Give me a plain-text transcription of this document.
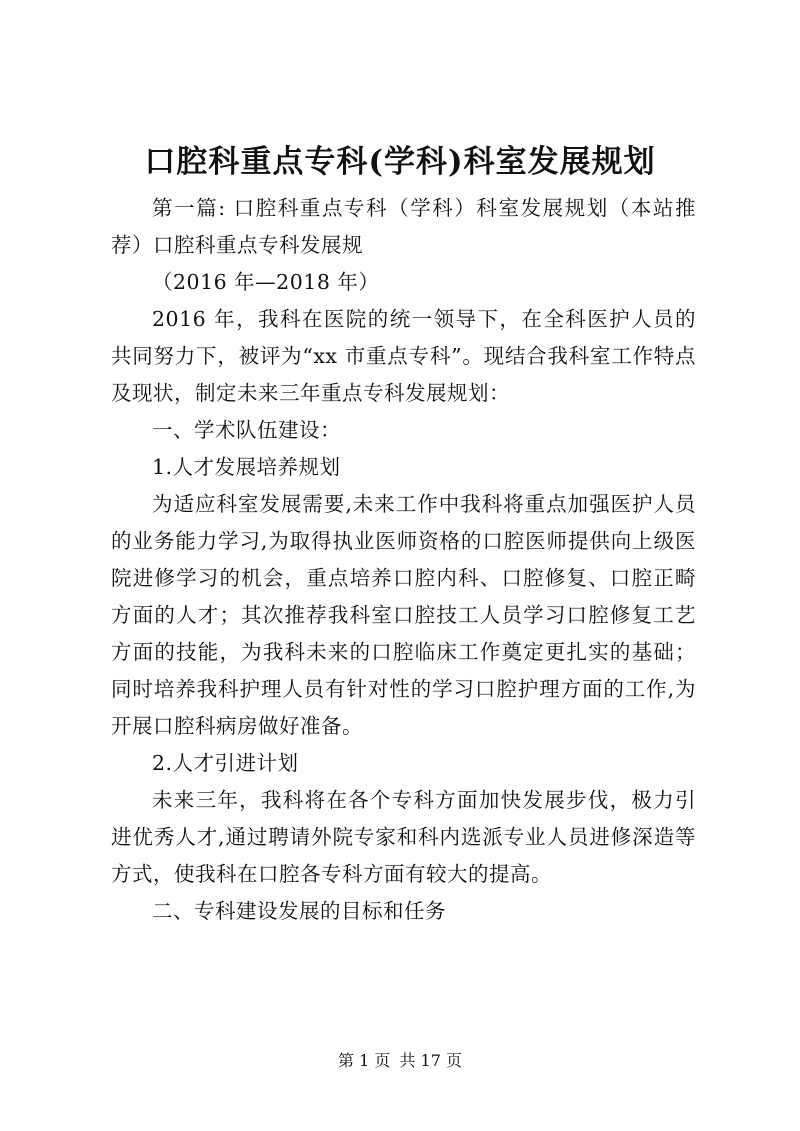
口腔科重点专科(学科)科室发展规划

第一篇: 口腔科重点专科（学科）科室发展规划（本站推荐）口腔科重点专科发展规

（2016 年—2018 年）

2016 年，我科在医院的统一领导下，在全科医护人员的共同努力下，被评为“xx 市重点专科”。现结合我科室工作特点及现状，制定未来三年重点专科发展规划：

一、学术队伍建设：

1.人才发展培养规划

为适应科室发展需要,未来工作中我科将重点加强医护人员的业务能力学习,为取得执业医师资格的口腔医师提供向上级医院进修学习的机会，重点培养口腔内科、口腔修复、口腔正畸方面的人才；其次推荐我科室口腔技工人员学习口腔修复工艺方面的技能，为我科未来的口腔临床工作奠定更扎实的基础；同时培养我科护理人员有针对性的学习口腔护理方面的工作,为开展口腔科病房做好准备。

2.人才引进计划

未来三年，我科将在各个专科方面加快发展步伐，极力引进优秀人才,通过聘请外院专家和科内选派专业人员进修深造等方式，使我科在口腔各专科方面有较大的提高。

二、专科建设发展的目标和任务

第 1 页 共 17 页
